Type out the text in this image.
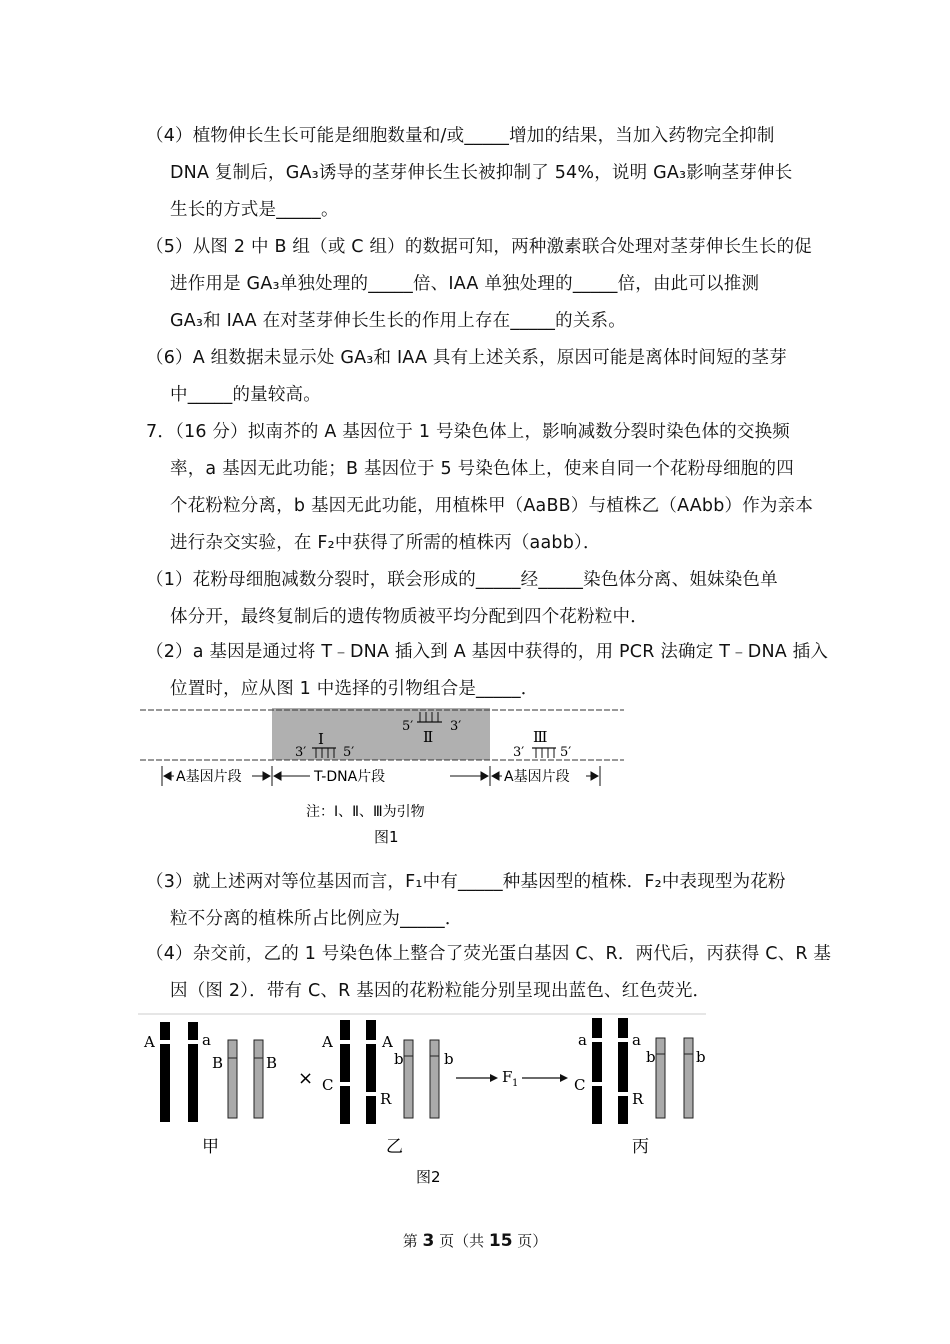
（4）植物伸长生长可能是细胞数量和/或_____增加的结果，当加入药物完全抑制
DNA 复制后，GA₃诱导的茎芽伸长生长被抑制了 54%，说明 GA₃影响茎芽伸长
生长的方式是_____。
（5）从图 2 中 B 组（或 C 组）的数据可知，两种激素联合处理对茎芽伸长生长的促
进作用是 GA₃单独处理的_____倍、IAA 单独处理的_____倍，由此可以推测
GA₃和 IAA 在对茎芽伸长生长的作用上存在_____的关系。
（6）A 组数据未显示处 GA₃和 IAA 具有上述关系，原因可能是离体时间短的茎芽
中_____的量较高。
7．（16 分）拟南芥的 A 基因位于 1 号染色体上，影响减数分裂时染色体的交换频
率，a 基因无此功能；B 基因位于 5 号染色体上，使来自同一个花粉母细胞的四
个花粉粒分离，b 基因无此功能，用植株甲（AaBB）与植株乙（AAbb）作为亲本
进行杂交实验，在 F₂中获得了所需的植株丙（aabb）．
（1）花粉母细胞减数分裂时，联会形成的_____经_____染色体分离、姐妹染色单
体分开，最终复制后的遗传物质被平均分配到四个花粉粒中．
（2）a 基因是通过将 T﹣DNA 插入到 A 基因中获得的，用 PCR 法确定 T﹣DNA 插入
位置时，应从图 1 中选择的引物组合是_____．
Ⅰ
3′	5′
5′	3′
Ⅱ	Ⅲ
3′	5′
A基因片段	T-DNA片段	A基因片段
注：Ⅰ、Ⅱ、Ⅲ为引物
图1
（3）就上述两对等位基因而言，F₁中有_____种基因型的植株．F₂中表现型为花粉
粒不分离的植株所占比例应为_____．
（4）杂交前，乙的 1 号染色体上整合了荧光蛋白基因 C、R．两代后，丙获得 C、R 基
因（图 2）．带有 C、R 基因的花粉粒能分别呈现出蓝色、红色荧光．
A	a
B	B
×
A
C
A
R
b	b
F 1
a
C
a
R
b	b
甲	乙	丙
图2
第 3 页（共 15 页）
